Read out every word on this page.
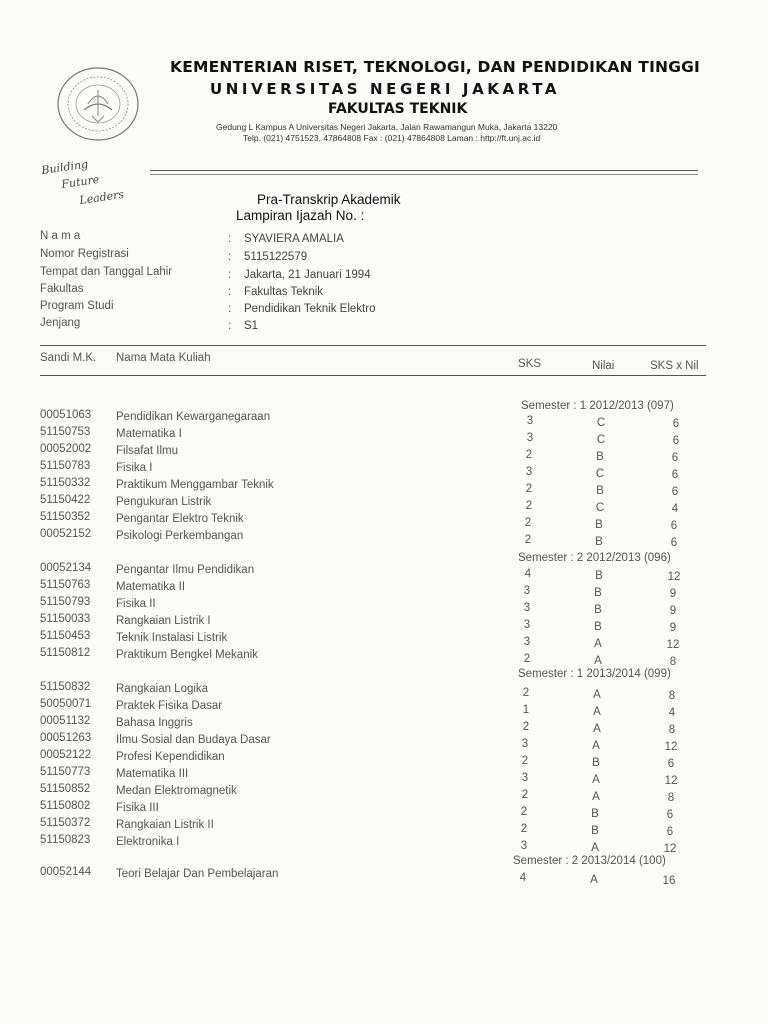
Building
Future
Leaders
KEMENTERIAN RISET, TEKNOLOGI, DAN PENDIDIKAN TINGGI
UNIVERSITAS NEGERI JAKARTA
FAKULTAS TEKNIK
Gedung L Kampus A Universitas Negeri Jakarta, Jalan Rawamangun Muka, Jakarta 13220
Telp. (021) 4751523, 47864808 Fax : (021) 47864808 Laman : http://ft.unj.ac.id
Pra-Transkrip Akademik
Lampiran Ijazah No. :
N a m a	: SYAVIERA AMALIA
Nomor Registrasi	: 5115122579
Tempat dan Tanggal Lahir	: Jakarta, 21 Januari 1994
Fakultas	: Fakultas Teknik
Program Studi	: Pendidikan Teknik Elektro
Jenjang	: S1
Sandi M.K. Nama Mata Kuliah	SKS	Nilai	SKS x Nil
Semester : 1 2012/2013 (097)
Semester : 2 2012/2013 (096)
Semester : 1 2013/2014 (099)
Semester : 2 2013/2014 (100)
00051063 Pendidikan Kewarganegaraan	3	C	6
51150753 Matematika I	3	C	6
00052002 Filsafat Ilmu	2	B	6
51150783 Fisika I	3	C	6
51150332 Praktikum Menggambar Teknik	2	B	6
51150422 Pengukuran Listrik	2	C	4
51150352 Pengantar Elektro Teknik	2	B	6
00052152 Psikologi Perkembangan	2	B	6
00052134 Pengantar Ilmu Pendidikan	4	B	12
51150763 Matematika II	3	B	9
51150793 Fisika II	3	B	9
51150033 Rangkaian Listrik I	3	B	9
51150453 Teknik Instalasi Listrik	3	A	12
51150812 Praktikum Bengkel Mekanik	2	A	8
51150832 Rangkaian Logika	2	A	8
50050071 Praktek Fisika Dasar	1	A	4
00051132 Bahasa Inggris	2	A	8
00051263 Ilmu Sosial dan Budaya Dasar	3	A	12
00052122 Profesi Kependidikan	2	B	6
51150773 Matematika III	3	A	12
51150852 Medan Elektromagnetik	2	A	8
51150802 Fisika III	2	B	6
51150372 Rangkaian Listrik II	2	B	6
51150823 Elektronika I	3	A	12
00052144 Teori Belajar Dan Pembelajaran	4	A	16
